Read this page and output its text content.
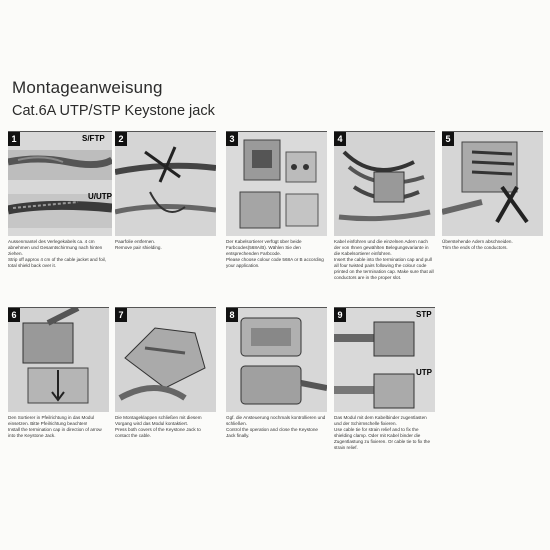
Montageanweisung
Cat.6A UTP/STP Keystone jack
1	S/FTP
U/UTP

Aussenmantel des Verlegekabels ca. 4 cm abnehmen und Gesamtschirmung nach hinten ziehen.

Strip off approx 4 cm of the cable jacket and foil, total shield back over it.

2

Paarfolie entfernen.

Remove pair shielding.

3

Der Kabelsortierer verfügt über beide Farbcodes(568A/B). Wählen Sie den entsprechenden Farbcode.

Please choose colour code 568A or B according your application.

4

Kabel einführen und die einzelnen Adern nach der von Ihnen gewählten Belegungsvariante in die Kabelsortierer einführen.

Insert the cable into the termination cap and pull all four twisted pairs following the colour code printed on the termination cap. Make sure that all conductors are in the proper slot.

5

Überstehende Adern abschneiden.

Trim the ends of the conductors.

6

Den Sortierer in Pfeilrichtung in das Modul einsetzen. Bitte Pfeilrichtung beachten!

Install the termination cap in direction of arrow into the Keystone Jack.

7

Die Montageklappen schließen mit diesem Vorgang wird das Modul kontaktiert.

Press both covers of the Keystone Jack to contact the cable.

8

Ggf. die Ansteuerung nochmals kontrollieren und schließen.

Control the operation and close the Keystone Jack finally.

9	STP
UTP

Das Modul mit dem Kabelbinder zugentlasten und der Schirmschelle fixieren.

Use cable tie for strain relief and to fix the shielding clamp. Oder mit Kabel binder die Zugentlastung zu fixieren. Or cable tie to fix the strain relief.
